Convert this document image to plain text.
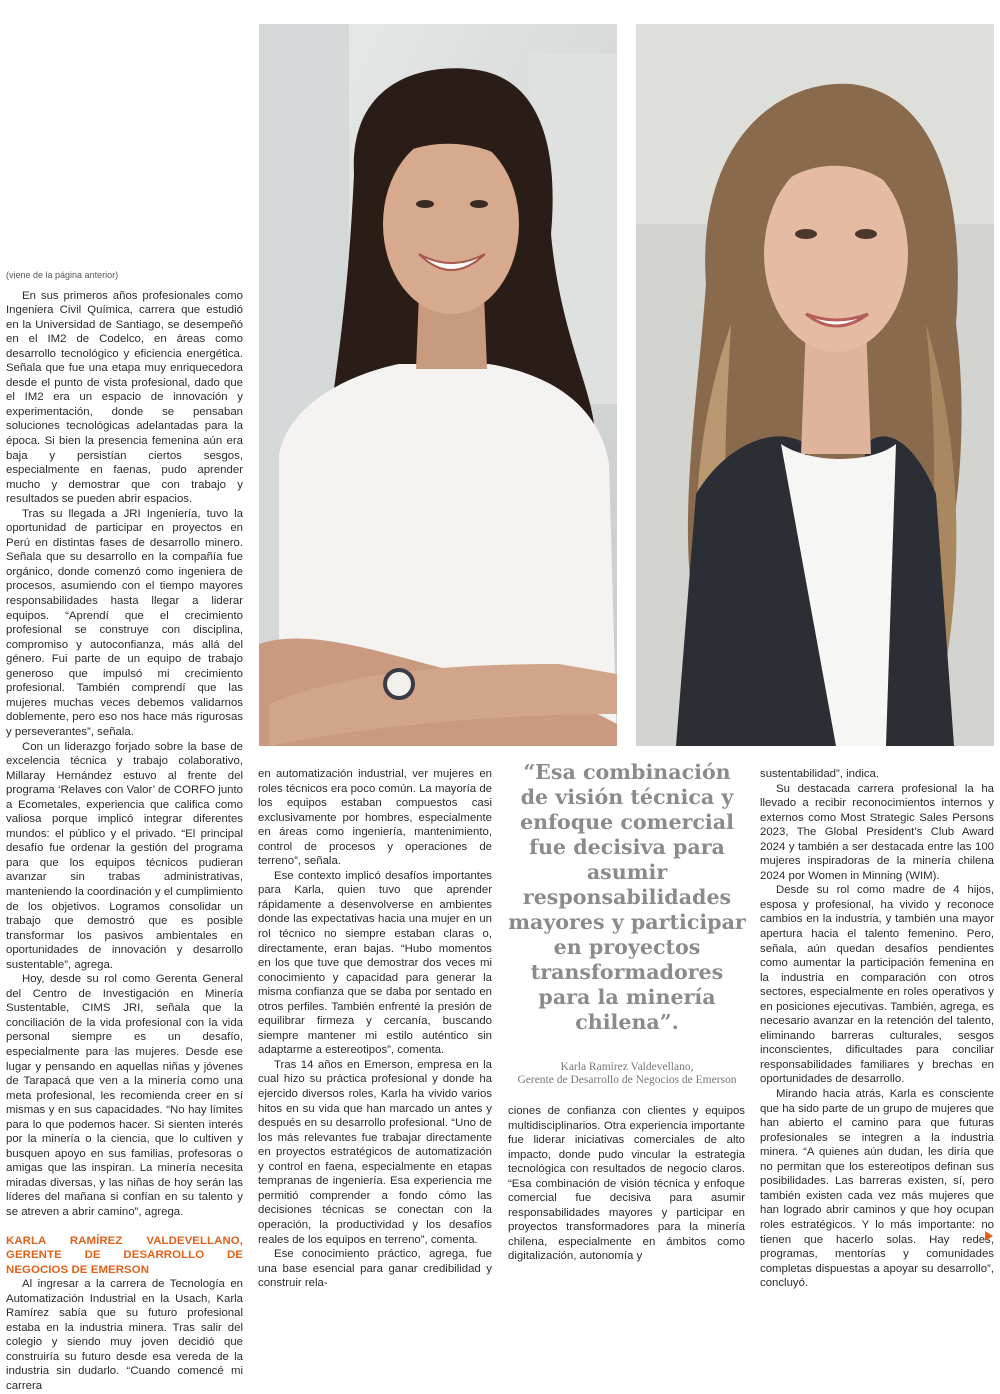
(viene de la página anterior)

En sus primeros años profesionales como Ingeniera Civil Química, carrera que estudió en la Universidad de Santiago, se desempeñó en el IM2 de Codelco, en áreas como desarrollo tecnológico y eficiencia energética. Señala que fue una etapa muy enriquecedora desde el punto de vista profesional, dado que el IM2 era un espacio de innovación y experimentación, donde se pensaban soluciones tecnológicas adelantadas para la época. Si bien la presencia femenina aún era baja y persistían ciertos sesgos, especialmente en faenas, pudo aprender mucho y demostrar que con trabajo y resultados se pueden abrir espacios.

Tras su llegada a JRI Ingeniería, tuvo la oportunidad de participar en proyectos en Perú en distintas fases de desarrollo minero. Señala que su desarrollo en la compañía fue orgánico, donde comenzó como ingeniera de procesos, asumiendo con el tiempo mayores responsabilidades hasta llegar a liderar equipos. “Aprendí que el crecimiento profesional se construye con disciplina, compromiso y autoconfianza, más allá del género. Fui parte de un equipo de trabajo generoso que impulsó mi crecimiento profesional. También comprendí que las mujeres muchas veces debemos validarnos doblemente, pero eso nos hace más rigurosas y perseverantes”, señala.

Con un liderazgo forjado sobre la base de excelencia técnica y trabajo colaborativo, Millaray Hernández estuvo al frente del programa ‘Relaves con Valor’ de CORFO junto a Ecometales, experiencia que califica como valiosa porque implicó integrar diferentes mundos: el público y el privado. “El principal desafío fue ordenar la gestión del programa para que los equipos técnicos pudieran avanzar sin trabas administrativas, manteniendo la coordinación y el cumplimiento de los objetivos. Logramos consolidar un trabajo que demostró que es posible transformar los pasivos ambientales en oportunidades de innovación y desarrollo sustentable”, agrega.

Hoy, desde su rol como Gerenta General del Centro de Investigación en Minería Sustentable, CIMS JRI, señala que la conciliación de la vida profesional con la vida personal siempre es un desafío, especialmente para las mujeres. Desde ese lugar y pensando en aquellas niñas y jóvenes de Tarapacá que ven a la minería como una meta profesional, les recomienda creer en sí mismas y en sus capacidades. “No hay límites para lo que podemos hacer. Si sienten interés por la minería o la ciencia, que lo cultiven y busquen apoyo en sus familias, profesoras o amigas que las inspiran. La minería necesita miradas diversas, y las niñas de hoy serán las líderes del mañana si confían en su talento y se atreven a abrir camino”, agrega.

KARLA RAMÍREZ VALDEVELLANO, GERENTE DE DESARROLLO DE NEGOCIOS DE EMERSON

Al ingresar a la carrera de Tecnología en Automatización Industrial en la Usach, Karla Ramírez sabía que su futuro profesional estaba en la industria minera. Tras salir del colegio y siendo muy joven decidió que construiría su futuro desde esa vereda de la industria sin dudarlo. “Cuando comencé mi carrera

en automatización industrial, ver mujeres en roles técnicos era poco común. La mayoría de los equipos estaban compuestos casi exclusivamente por hombres, especialmente en áreas como ingeniería, mantenimiento, control de procesos y operaciones de terreno”, señala.

Ese contexto implicó desafíos importantes para Karla, quien tuvo que aprender rápidamente a desenvolverse en ambientes donde las expectativas hacia una mujer en un rol técnico no siempre estaban claras o, directamente, eran bajas. “Hubo momentos en los que tuve que demostrar dos veces mi conocimiento y capacidad para generar la misma confianza que se daba por sentado en otros perfiles. También enfrenté la presión de equilibrar firmeza y cercanía, buscando siempre mantener mi estilo auténtico sin adaptarme a estereotipos”, comenta.

Tras 14 años en Emerson, empresa en la cual hizo su práctica profesional y donde ha ejercido diversos roles, Karla ha vivido varios hitos en su vida que han marcado un antes y después en su desarrollo profesional. “Uno de los más relevantes fue trabajar directamente en proyectos estratégicos de automatización y control en faena, especialmente en etapas tempranas de ingeniería. Esa experiencia me permitió comprender a fondo cómo las decisiones técnicas se conectan con la operación, la productividad y los desafíos reales de los equipos en terreno”, comenta.

Ese conocimiento práctico, agrega, fue una base esencial para ganar credibilidad y construir rela-

“Esa combinación de visión técnica y enfoque comercial fue decisiva para asumir responsabilidades mayores y participar en proyectos transformadores para la minería chilena”.

Karla Ramírez Valdevellano,
Gerente de Desarrollo de Negocios de Emerson

ciones de confianza con clientes y equipos multidisciplinarios. Otra experiencia importante fue liderar iniciativas comerciales de alto impacto, donde pudo vincular la estrategia tecnológica con resultados de negocio claros. “Esa combinación de visión técnica y enfoque comercial fue decisiva para asumir responsabilidades mayores y participar en proyectos transformadores para la minería chilena, especialmente en ámbitos como digitalización, autonomía y

sustentabilidad”, indica.

Su destacada carrera profesional la ha llevado a recibir reconocimientos internos y externos como Most Strategic Sales Persons 2023, The Global President’s Club Award 2024 y también a ser destacada entre las 100 mujeres inspiradoras de la minería chilena 2024 por Women in Minning (WIM).

Desde su rol como madre de 4 hijos, esposa y profesional, ha vivido y reconoce cambios en la industria, y también una mayor apertura hacia el talento femenino. Pero, señala, aún quedan desafíos pendientes como aumentar la participación femenina en la industria en comparación con otros sectores, especialmente en roles operativos y en posiciones ejecutivas. También, agrega, es necesario avanzar en la retención del talento, eliminando barreras culturales, sesgos inconscientes, dificultades para conciliar responsabilidades familiares y brechas en oportunidades de desarrollo.

Mirando hacia atrás, Karla es consciente que ha sido parte de un grupo de mujeres que han abierto el camino para que futuras profesionales se integren a la industria minera. “A quienes aún dudan, les diría que no permitan que los estereotipos definan sus posibilidades. Las barreras existen, sí, pero también existen cada vez más mujeres que han logrado abrir caminos y que hoy ocupan roles estratégicos. Y lo más importante: no tienen que hacerlo solas. Hay redes, programas, mentorías y comunidades completas dispuestas a apoyar su desarrollo”, concluyó.
